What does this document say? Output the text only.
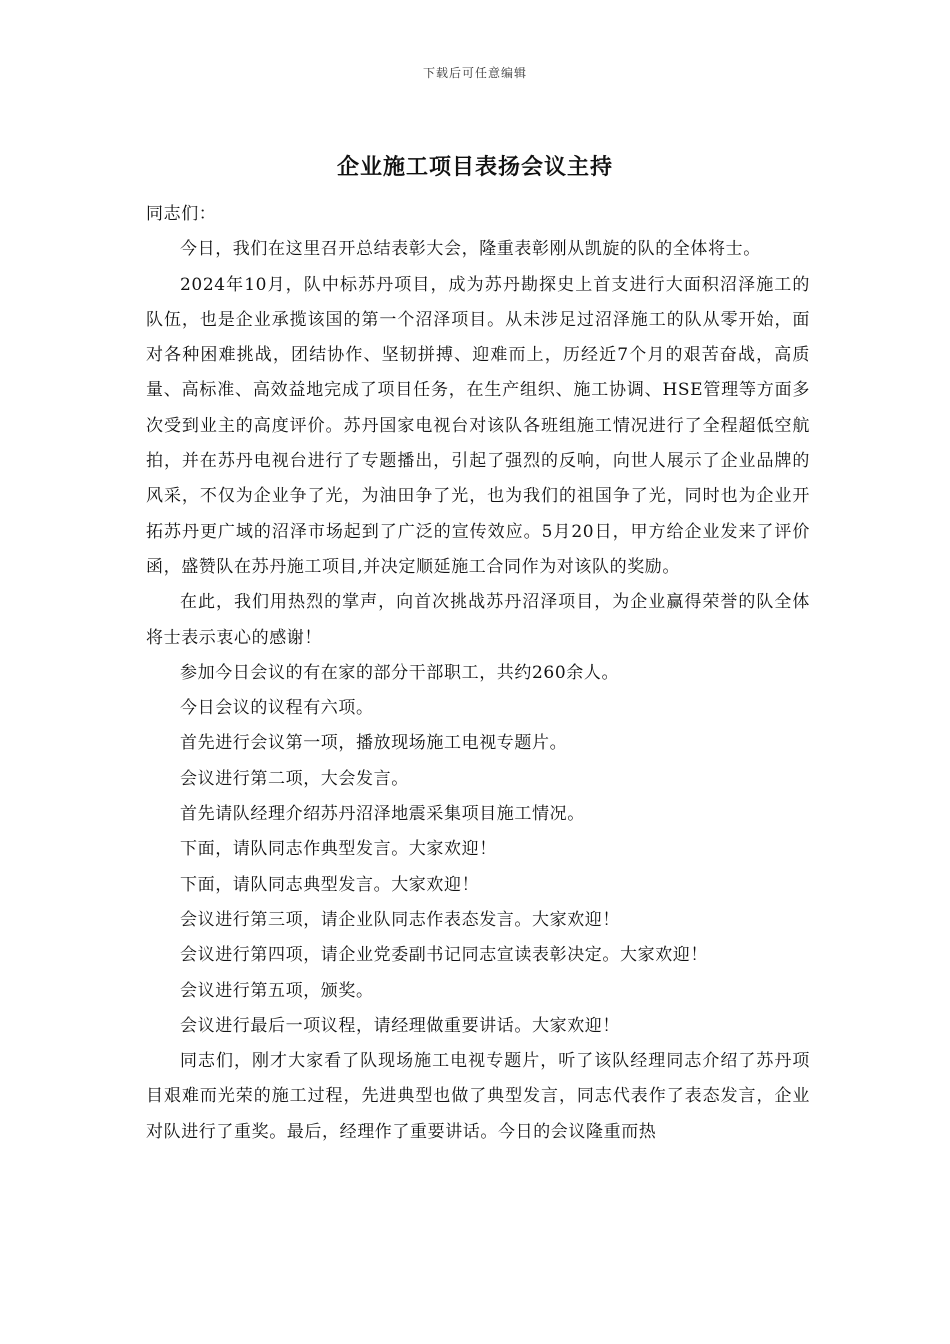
下载后可任意编辑
企业施工项目表扬会议主持

同志们：

今日，我们在这里召开总结表彰大会，隆重表彰刚从凯旋的队的全体将士。

2024年10月，队中标苏丹项目，成为苏丹勘探史上首支进行大面积沼泽施工的队伍，也是企业承揽该国的第一个沼泽项目。从未涉足过沼泽施工的队从零开始，面对各种困难挑战，团结协作、坚韧拼搏、迎难而上，历经近7个月的艰苦奋战，高质量、高标准、高效益地完成了项目任务，在生产组织、施工协调、HSE管理等方面多次受到业主的高度评价。苏丹国家电视台对该队各班组施工情况进行了全程超低空航拍，并在苏丹电视台进行了专题播出，引起了强烈的反响，向世人展示了企业品牌的风采，不仅为企业争了光，为油田争了光，也为我们的祖国争了光，同时也为企业开拓苏丹更广域的沼泽市场起到了广泛的宣传效应。5月20日，甲方给企业发来了评价函，盛赞队在苏丹施工项目,并决定顺延施工合同作为对该队的奖励。

在此，我们用热烈的掌声，向首次挑战苏丹沼泽项目，为企业赢得荣誉的队全体将士表示衷心的感谢！

参加今日会议的有在家的部分干部职工，共约260余人。

今日会议的议程有六项。

首先进行会议第一项，播放现场施工电视专题片。

会议进行第二项，大会发言。

首先请队经理介绍苏丹沼泽地震采集项目施工情况。

下面，请队同志作典型发言。大家欢迎！

下面，请队同志典型发言。大家欢迎！

会议进行第三项，请企业队同志作表态发言。大家欢迎！

会议进行第四项，请企业党委副书记同志宣读表彰决定。大家欢迎！

会议进行第五项，颁奖。

会议进行最后一项议程，请经理做重要讲话。大家欢迎！

同志们，刚才大家看了队现场施工电视专题片，听了该队经理同志介绍了苏丹项目艰难而光荣的施工过程，先进典型也做了典型发言，同志代表作了表态发言，企业对队进行了重奖。最后，经理作了重要讲话。今日的会议隆重而热
